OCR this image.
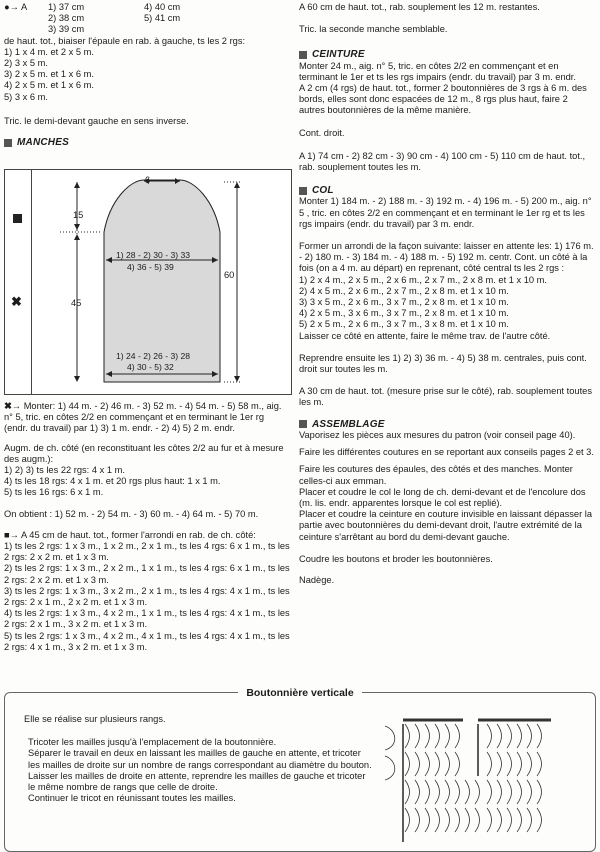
●→ A	1) 37 cm	4) 40 cm
2) 38 cm	5) 41 cm
3) 39 cm

de haut. tot., biaiser l'épaule en rab. à gauche, ts les 2 rgs:

1) 1 x 4 m. et 2 x 5 m.

2) 3 x 5 m.

3) 2 x 5 m. et 1 x 6 m.

4) 2 x 5 m. et 1 x 6 m.

5) 3 x 6 m.

Tric. le demi-devant gauche en sens inverse.

MANCHES
✖
6
15
45
60
1) 28 - 2) 30 - 3) 33
4) 36 - 5) 39
1) 24 - 2) 26 - 3) 28
4) 30 - 5) 32

✖→ Monter: 1) 44 m. - 2) 46 m. - 3) 52 m. - 4) 54 m. - 5) 58 m., aig. n° 5, tric. en côtes 2/2 en commençant et en terminant le 1er rg (endr. du travail) par 1) 3) 1 m. endr. - 2) 4) 5) 2 m. endr.

Augm. de ch. côté (en reconstituant les côtes 2/2 au fur et à mesure des augm.):

1) 2) 3) ts les 22 rgs: 4 x 1 m.

4) ts les 18 rgs: 4 x 1 m. et 20 rgs plus haut: 1 x 1 m.

5) ts les 16 rgs: 6 x 1 m.

On obtient : 1) 52 m. - 2) 54 m. - 3) 60 m. - 4) 64 m. - 5) 70 m.

■→ A 45 cm de haut. tot., former l'arrondi en rab. de ch. côté:

1) ts les 2 rgs: 1 x 3 m., 1 x 2 m., 2 x 1 m., ts les 4 rgs: 6 x 1 m., ts les 2 rgs: 2 x 2 m. et 1 x 3 m.

2) ts les 2 rgs: 1 x 3 m., 2 x 2 m., 1 x 1 m., ts les 4 rgs: 6 x 1 m., ts les 2 rgs: 2 x 2 m. et 1 x 3 m.

3) ts les 2 rgs: 1 x 3 m., 3 x 2 m., 2 x 1 m., ts les 4 rgs: 4 x 1 m., ts les 2 rgs: 2 x 1 m., 2 x 2 m. et 1 x 3 m.

4) ts les 2 rgs: 1 x 3 m., 4 x 2 m., 1 x 1 m., ts les 4 rgs: 4 x 1 m., ts les 2 rgs: 2 x 1 m., 3 x 2 m. et 1 x 3 m.

5) ts les 2 rgs: 1 x 3 m., 4 x 2 m., 4 x 1 m., ts les 4 rgs: 4 x 1 m., ts les 2 rgs: 4 x 1 m., 3 x 2 m. et 1 x 3 m.

A 60 cm de haut. tot., rab. souplement les 12 m. restantes.

Tric. la seconde manche semblable.

CEINTURE

Monter 24 m., aig. n° 5, tric. en côtes 2/2 en commençant et en terminant le 1er et ts les rgs impairs (endr. du travail) par 3 m. endr.

A 2 cm (4 rgs) de haut. tot., former 2 boutonnières de 3 rgs à 6 m. des bords, elles sont donc espacées de 12 m., 8 rgs plus haut, faire 2 autres boutonnières de la même manière.

Cont. droit.

A 1) 74 cm - 2) 82 cm - 3) 90 cm - 4) 100 cm - 5) 110 cm de haut. tot., rab. souplement toutes les m.

COL

Monter 1) 184 m. - 2) 188 m. - 3) 192 m. - 4) 196 m. - 5) 200 m., aig. n° 5 , tric. en côtes 2/2 en commençant et en terminant le 1er rg et ts les rgs impairs (endr. du travail) par 3 m. endr.

Former un arrondi de la façon suivante: laisser en attente les: 1) 176 m. - 2) 180 m. - 3) 184 m. - 4) 188 m. - 5) 192 m. centr. Cont. un côté à la fois (on a 4 m. au départ) en reprenant, côté central ts les 2 rgs :

1) 2 x 4 m., 2 x 5 m., 2 x 6 m., 2 x 7 m., 2 x 8 m. et 1 x 10 m.

2) 4 x 5 m., 2 x 6 m., 2 x 7 m., 2 x 8 m. et 1 x 10 m.

3) 3 x 5 m., 2 x 6 m., 3 x 7 m., 2 x 8 m. et 1 x 10 m.

4) 2 x 5 m., 3 x 6 m., 3 x 7 m., 2 x 8 m. et 1 x 10 m.

5) 2 x 5 m., 2 x 6 m., 3 x 7 m., 3 x 8 m. et 1 x 10 m.

Laisser ce côté en attente, faire le même trav. de l'autre côté.

Reprendre ensuite les 1) 2) 3) 36 m. - 4) 5) 38 m. centrales, puis cont. droit sur toutes les m.

A 30 cm de haut. tot. (mesure prise sur le côté), rab. souplement toutes les m.

ASSEMBLAGE

Vaporisez les pièces aux mesures du patron (voir conseil page 40).

Faire les différentes coutures en se reportant aux conseils pages 2 et 3.

Faire les coutures des épaules, des côtés et des manches. Monter celles-ci aux emman.

Placer et coudre le col le long de ch. demi-devant et de l'encolure dos (m. lis. endr. apparentes lorsque le col est replié).

Placer et coudre la ceinture en couture invisible en laissant dépasser la partie avec boutonnières du demi-devant droit, l'autre extrémité de la ceinture s'arrêtant au bord du demi-devant gauche.

Coudre les boutons et broder les boutonnières.

Nadège.

Boutonnière verticale

Elle se réalise sur plusieurs rangs.

Tricoter les mailles jusqu'à l'emplacement de la boutonnière.

Séparer le travail en deux en laissant les mailles de gauche en attente, et tricoter les mailles de droite sur un nombre de rangs correspondant au diamètre du bouton.

Laisser les mailles de droite en attente, reprendre les mailles de gauche et tricoter le même nombre de rangs que celle de droite.

Continuer le tricot en réunissant toutes les mailles.
